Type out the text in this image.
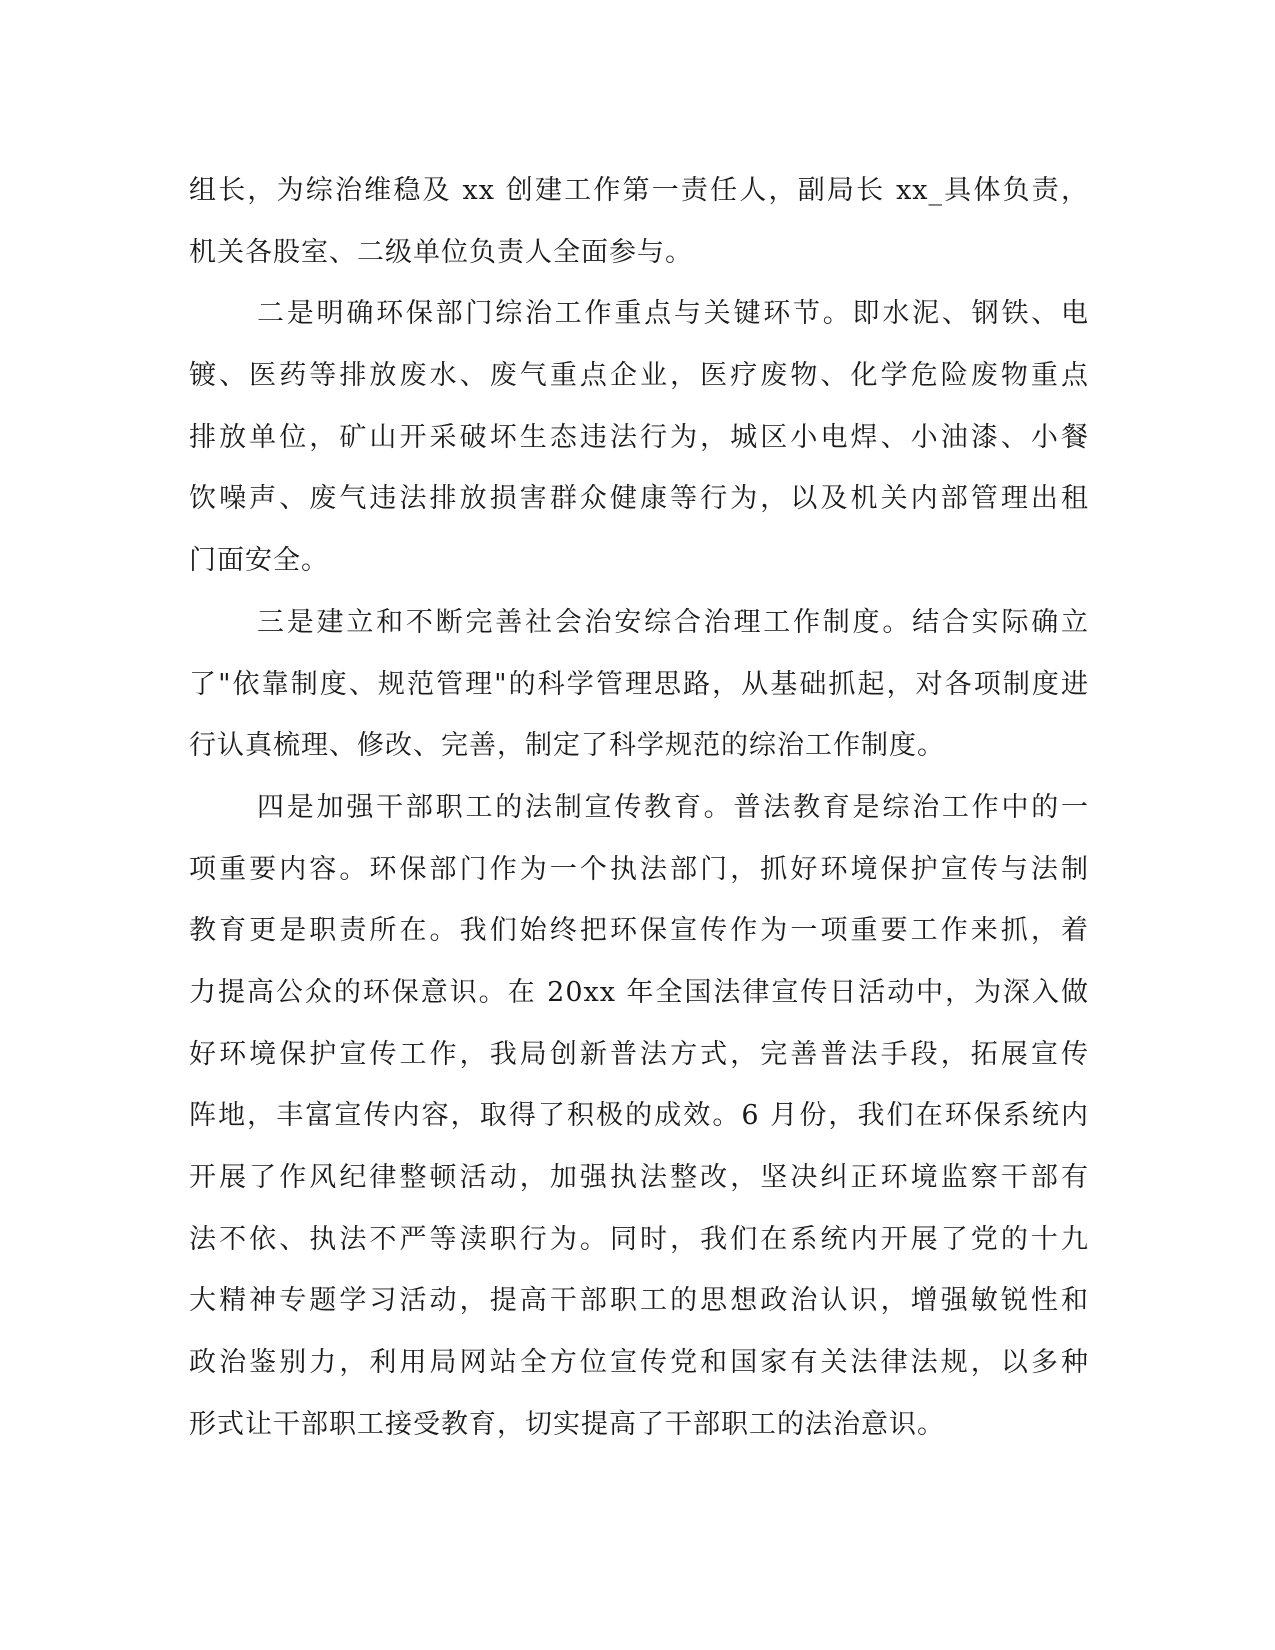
组长，为综治维稳及 xx 创建工作第一责任人，副局长 xx_具体负责，
机关各股室、二级单位负责人全面参与。
二是明确环保部门综治工作重点与关键环节。即水泥、钢铁、电
镀、医药等排放废水、废气重点企业，医疗废物、化学危险废物重点
排放单位，矿山开采破坏生态违法行为，城区小电焊、小油漆、小餐
饮噪声、废气违法排放损害群众健康等行为，以及机关内部管理出租
门面安全。
三是建立和不断完善社会治安综合治理工作制度。结合实际确立
了"依靠制度、规范管理"的科学管理思路，从基础抓起，对各项制度进
行认真梳理、修改、完善，制定了科学规范的综治工作制度。
四是加强干部职工的法制宣传教育。普法教育是综治工作中的一
项重要内容。环保部门作为一个执法部门，抓好环境保护宣传与法制
教育更是职责所在。我们始终把环保宣传作为一项重要工作来抓，着
力提高公众的环保意识。在 20xx 年全国法律宣传日活动中，为深入做
好环境保护宣传工作，我局创新普法方式，完善普法手段，拓展宣传
阵地，丰富宣传内容，取得了积极的成效。6 月份，我们在环保系统内
开展了作风纪律整顿活动，加强执法整改，坚决纠正环境监察干部有
法不依、执法不严等渎职行为。同时，我们在系统内开展了党的十九
大精神专题学习活动，提高干部职工的思想政治认识，增强敏锐性和
政治鉴别力，利用局网站全方位宣传党和国家有关法律法规，以多种
形式让干部职工接受教育，切实提高了干部职工的法治意识。
